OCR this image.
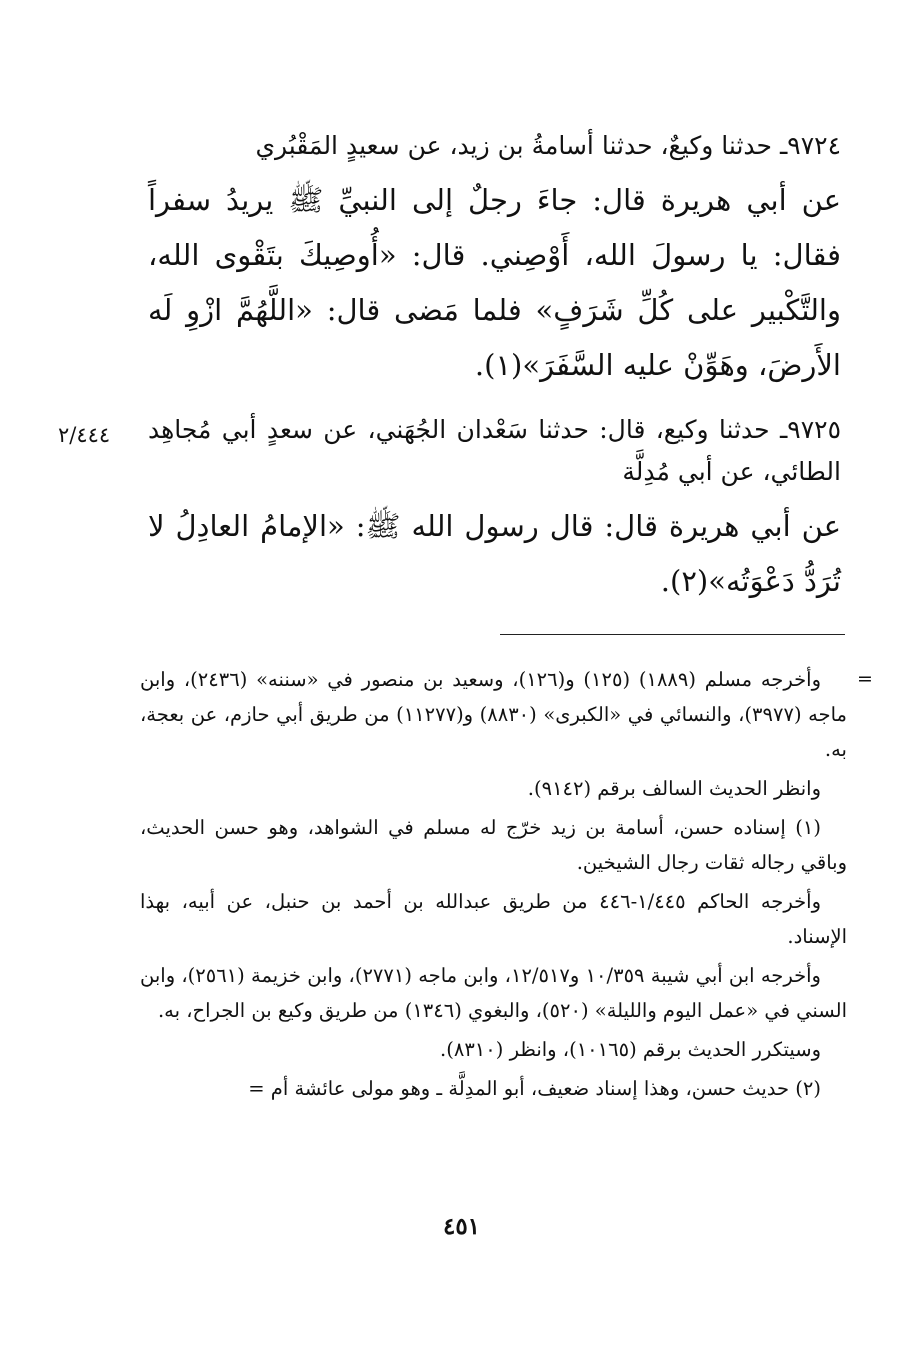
٩٧٢٤ـ حدثنا وكيعٌ، حدثنا أسامةُ بن زيد، عن سعيدٍ المَقْبُري

عن أبي هريرة قال: جاءَ رجلٌ إلى النبيِّ ﷺ يريدُ سفراً فقال: يا رسولَ الله، أَوْصِني. قال: «أُوصِيكَ بتَقْوى الله، والتَّكْبير على كُلِّ شَرَفٍ» فلما مَضى قال: «اللَّهُمَّ ازْوِ لَه الأَرضَ، وهَوِّنْ عليه السَّفَرَ»(١).

٩٧٢٥ـ حدثنا وكيع، قال: حدثنا سَعْدان الجُهَني، عن سعدٍ أبي مُجاهِد الطائي، عن أبي مُدِلَّة

عن أبي هريرة قال: قال رسول الله ﷺ: «الإمامُ العادِلُ لا تُرَدُّ دَعْوَتُه»(٢).

٢/٤٤٤
=

وأخرجه مسلم (١٨٨٩) (١٢٥) و(١٢٦)، وسعيد بن منصور في «سننه» (٢٤٣٦)، وابن ماجه (٣٩٧٧)، والنسائي في «الكبرى» (٨٨٣٠) و(١١٢٧٧) من طريق أبي حازم، عن بعجة، به.

وانظر الحديث السالف برقم (٩١٤٢).

(١) إسناده حسن، أسامة بن زيد خرّج له مسلم في الشواهد، وهو حسن الحديث، وباقي رجاله ثقات رجال الشيخين.

وأخرجه الحاكم ١/٤٤٥-٤٤٦ من طريق عبدالله بن أحمد بن حنبل، عن أبيه، بهذا الإسناد.

وأخرجه ابن أبي شيبة ١٠/٣٥٩ و١٢/٥١٧، وابن ماجه (٢٧٧١)، وابن خزيمة (٢٥٦١)، وابن السني في «عمل اليوم والليلة» (٥٢٠)، والبغوي (١٣٤٦) من طريق وكيع بن الجراح، به.

وسيتكرر الحديث برقم (١٠١٦٥)، وانظر (٨٣١٠).

(٢) حديث حسن، وهذا إسناد ضعيف، أبو المدِلَّة ـ وهو مولى عائشة أم =

٤٥١
